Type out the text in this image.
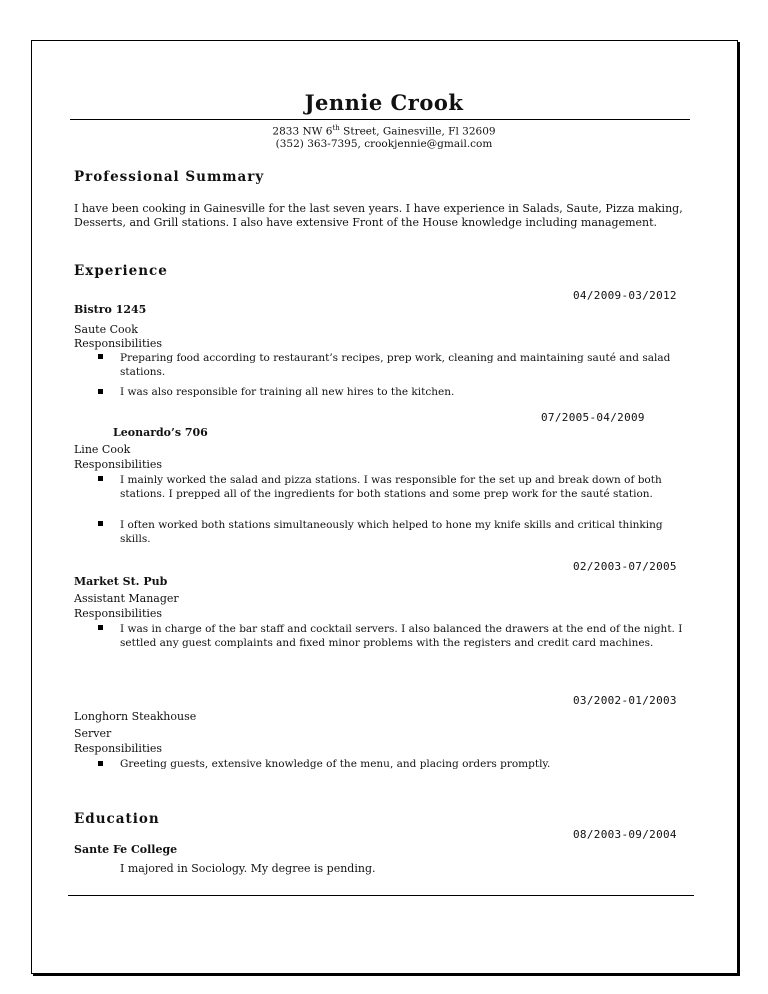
Jennie Crook
2833 NW 6th Street, Gainesville, Fl 32609
(352) 363-7395, crookjennie@gmail.com
Professional Summary
I have been cooking in Gainesville for the last seven years. I have experience in Salads, Saute, Pizza making, Desserts, and Grill stations. I also have extensive Front of the House knowledge including management.
Experience
04/2009-03/2012
Bistro 1245
Saute Cook
Responsibilities
Preparing food according to restaurant’s recipes, prep work, cleaning and maintaining sauté and salad stations.
I was also responsible for training all new hires to the kitchen.
07/2005-04/2009
Leonardo’s 706
Line Cook
Responsibilities
I mainly worked the salad and pizza stations. I was responsible for the set up and break down of both stations. I prepped all of the ingredients for both stations and some prep work for the sauté station.
I often worked both stations simultaneously which helped to hone my knife skills and critical thinking skills.
02/2003-07/2005
Market St. Pub
Assistant Manager
Responsibilities
I was in charge of the bar staff and cocktail servers. I also balanced the drawers at the end of the night. I settled any guest complaints and fixed minor problems with the registers and credit card machines.
03/2002-01/2003
Longhorn Steakhouse
Server
Responsibilities
Greeting guests, extensive knowledge of the menu, and placing orders promptly.
Education
08/2003-09/2004
Sante Fe College
I majored in Sociology. My degree is pending.
